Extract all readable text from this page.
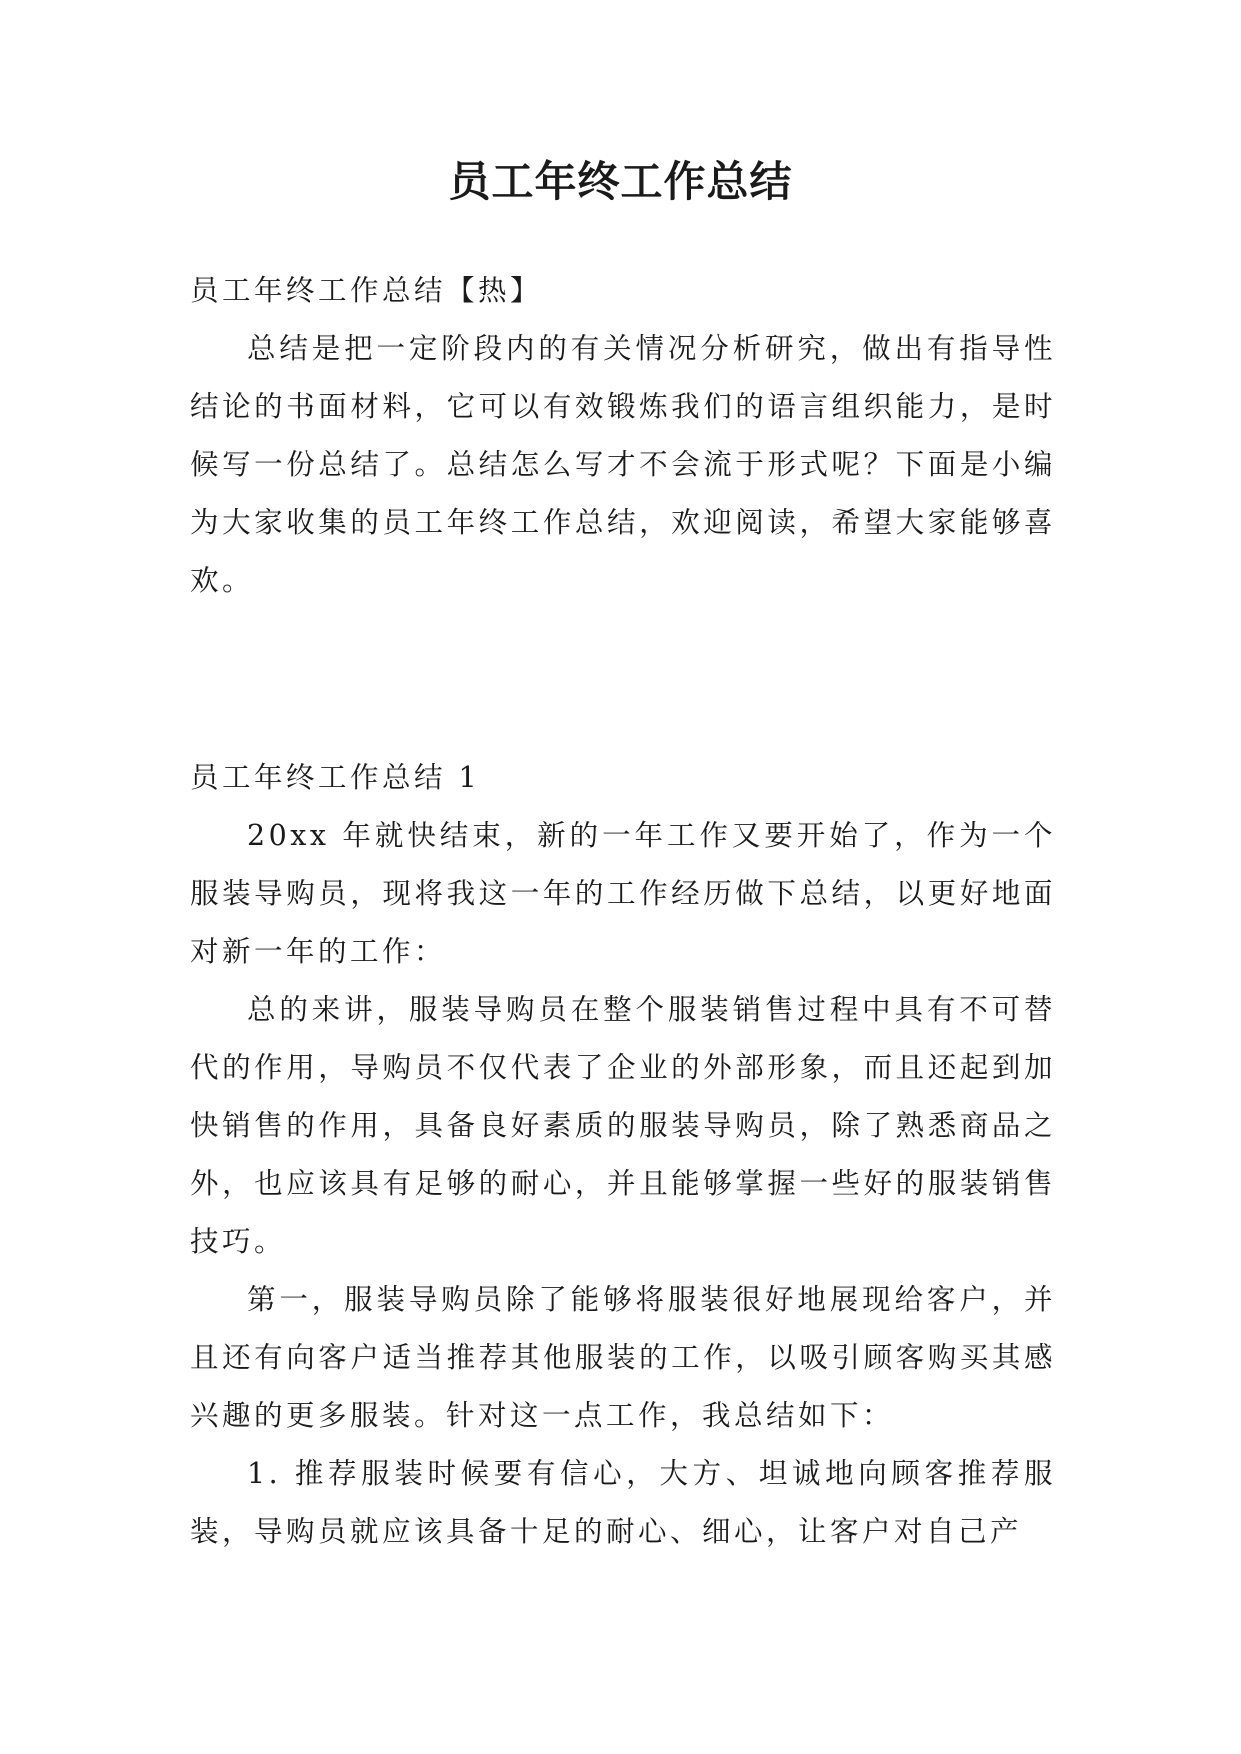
员工年终工作总结

员工年终工作总结【热】

总结是把一定阶段内的有关情况分析研究，做出有指导性结论的书面材料，它可以有效锻炼我们的语言组织能力，是时候写一份总结了。总结怎么写才不会流于形式呢？下面是小编为大家收集的员工年终工作总结，欢迎阅读，希望大家能够喜欢。

员工年终工作总结 1

20xx 年就快结束，新的一年工作又要开始了，作为一个服装导购员，现将我这一年的工作经历做下总结，以更好地面对新一年的工作：

总的来讲，服装导购员在整个服装销售过程中具有不可替代的作用，导购员不仅代表了企业的外部形象，而且还起到加快销售的作用，具备良好素质的服装导购员，除了熟悉商品之外，也应该具有足够的耐心，并且能够掌握一些好的服装销售技巧。

第一，服装导购员除了能够将服装很好地展现给客户，并且还有向客户适当推荐其他服装的工作，以吸引顾客购买其感兴趣的更多服装。针对这一点工作，我总结如下：

1. 推荐服装时候要有信心，大方、坦诚地向顾客推荐服装，导购员就应该具备十足的耐心、细心，让客户对自己产
